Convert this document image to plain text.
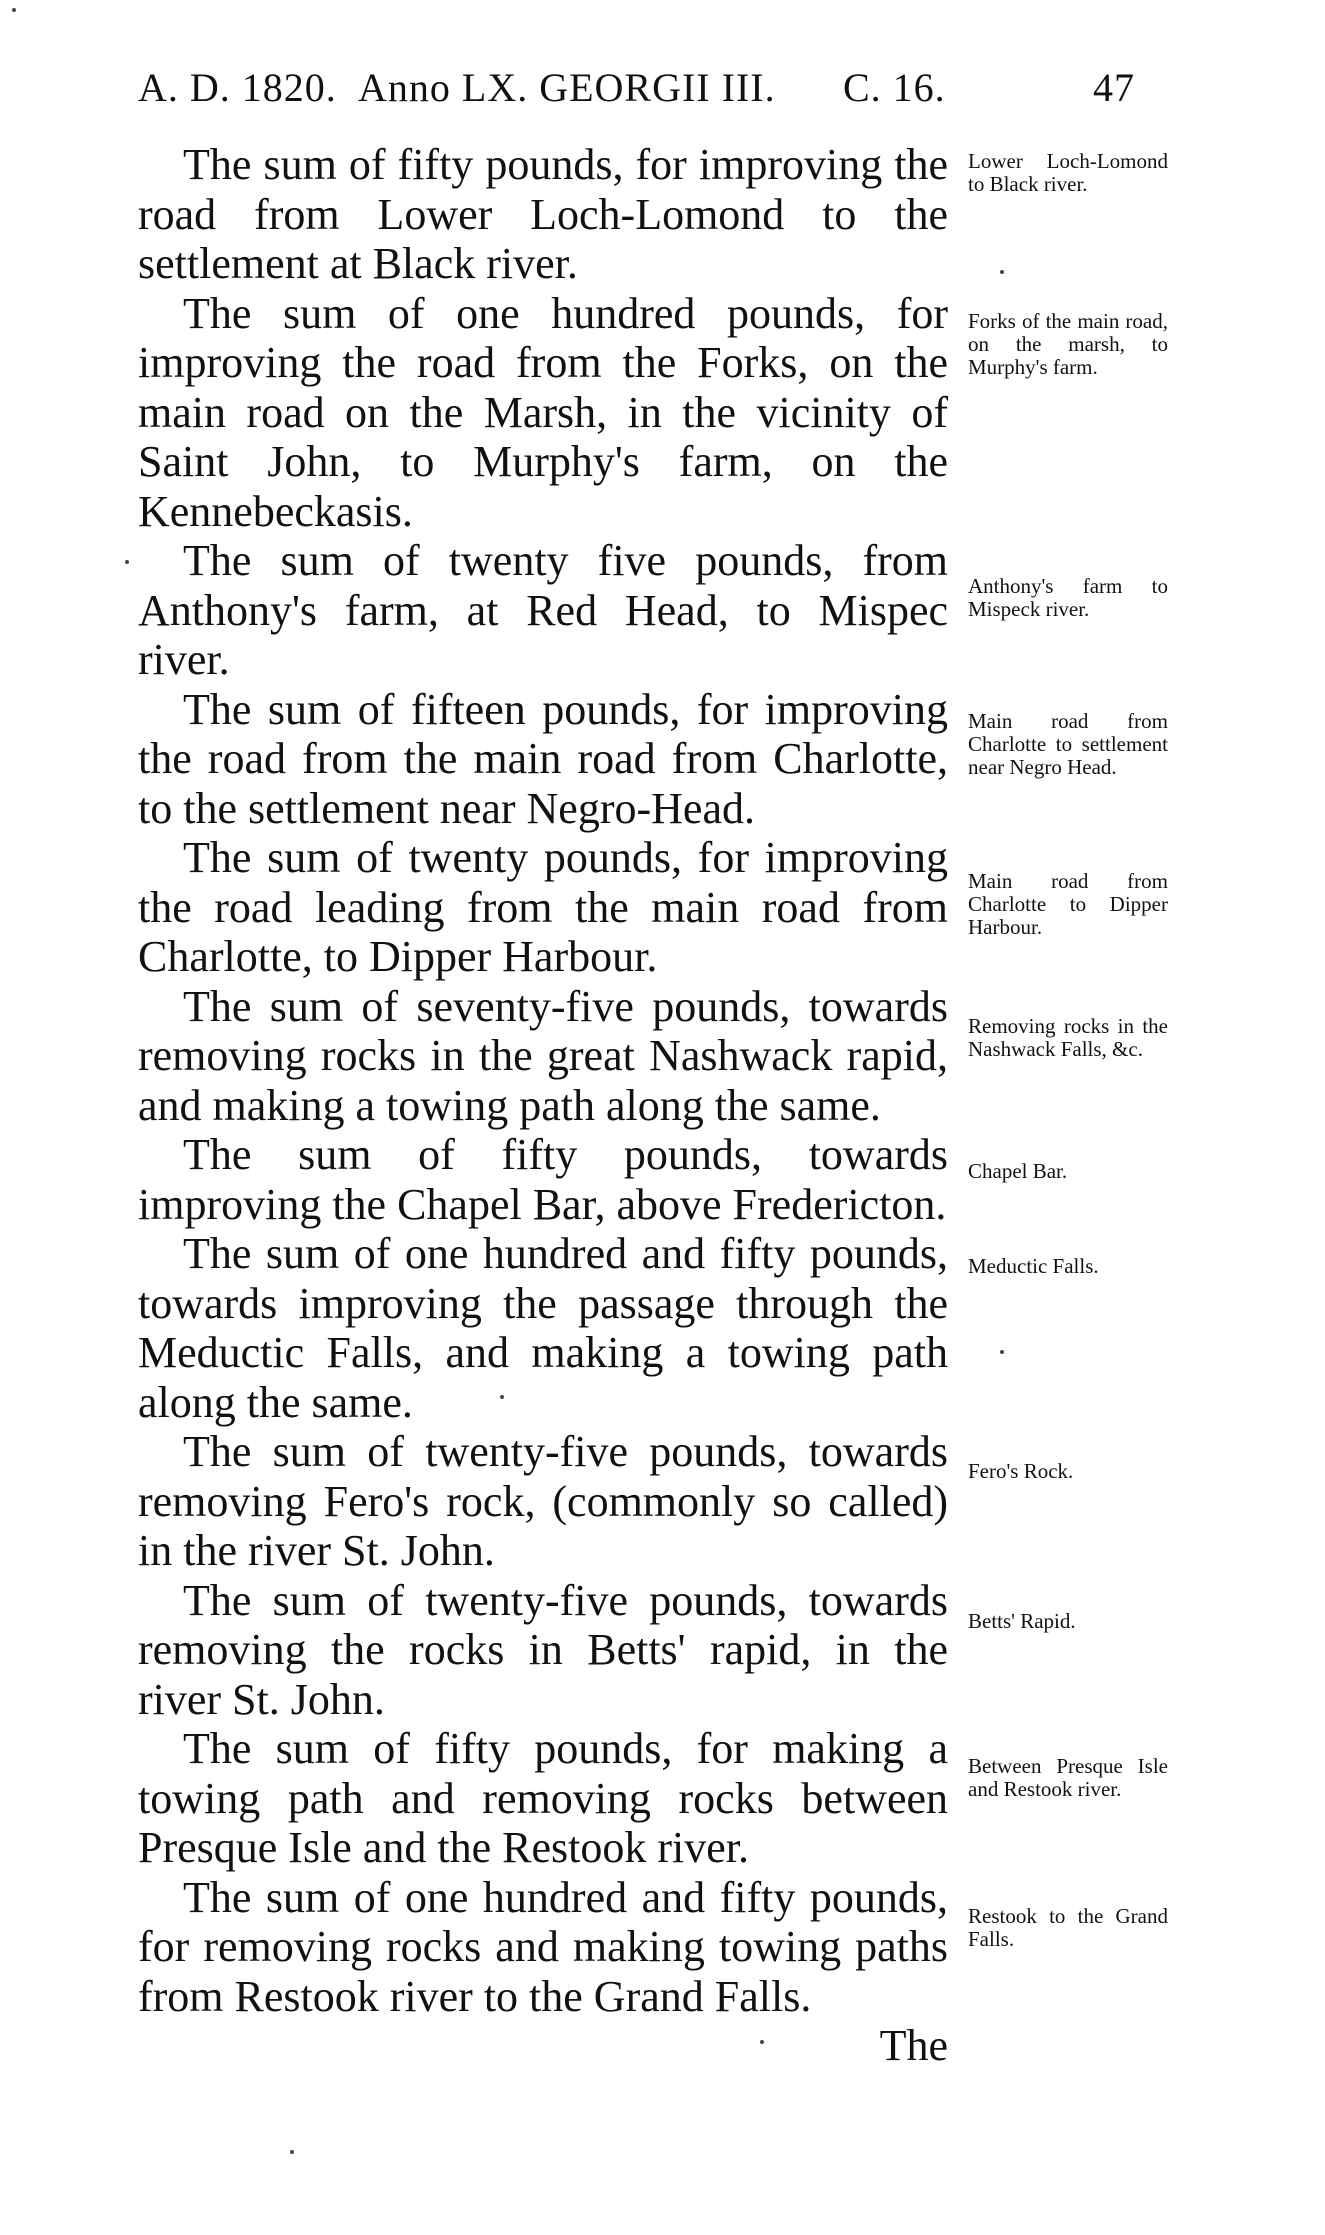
A. D. 1820. Anno LX. GEORGII III. C. 16.	47

The sum of fifty pounds, for improving the road from Lower Loch-Lomond to the settlement at Black river.

The sum of one hundred pounds, for improving the road from the Forks, on the main road on the Marsh, in the vicinity of Saint John, to Murphy's farm, on the Kennebeckasis.

The sum of twenty five pounds, from Anthony's farm, at Red Head, to Mispec river.

The sum of fifteen pounds, for improving the road from the main road from Charlotte, to the settlement near Negro-Head.

The sum of twenty pounds, for improving the road leading from the main road from Charlotte, to Dipper Harbour.

The sum of seventy-five pounds, towards removing rocks in the great Nashwack rapid, and making a towing path along the same.

The sum of fifty pounds, towards improving the Chapel Bar, above Fredericton.

The sum of one hundred and fifty pounds, towards improving the passage through the Meductic Falls, and making a towing path along the same.

The sum of twenty-five pounds, towards removing Fero's rock, (commonly so called) in the river St. John.

The sum of twenty-five pounds, towards removing the rocks in Betts' rapid, in the river St. John.

The sum of fifty pounds, for making a towing path and removing rocks between Presque Isle and the Restook river.

The sum of one hundred and fifty pounds, for removing rocks and making towing paths from Restook river to the Grand Falls.

The

Lower Loch-Lomond to Black river.
Forks of the main road, on the marsh, to Murphy's farm.
Anthony's farm to Mispeck river.
Main road from Charlotte to settlement near Negro Head.
Main road from Charlotte to Dipper Harbour.
Removing rocks in the Nashwack Falls, &c.
Chapel Bar.
Meductic Falls.
Fero's Rock.
Betts' Rapid.
Between Presque Isle and Restook river.
Restook to the Grand Falls.
